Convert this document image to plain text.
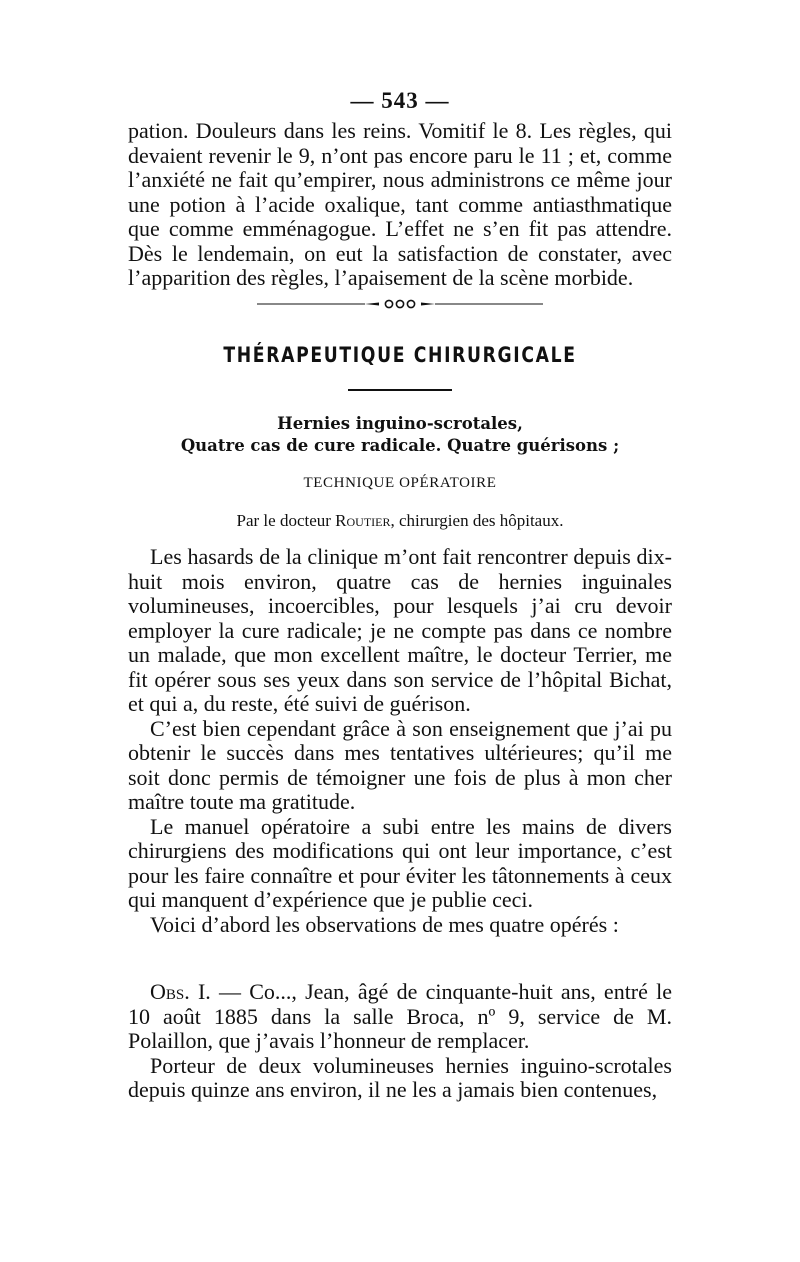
— 543 —

pation. Douleurs dans les reins. Vomitif le 8. Les règles, qui devaient revenir le 9, n’ont pas encore paru le 11 ; et, comme l’anxiété ne fait qu’empirer, nous administrons ce même jour une potion à l’acide oxalique, tant comme antiasthmatique que comme emménagogue. L’effet ne s’en fit pas attendre. Dès le lendemain, on eut la satisfaction de constater, avec l’apparition des règles, l’apaisement de la scène morbide.

THÉRAPEUTIQUE CHIRURGICALE
Hernies inguino-scrotales,
Quatre cas de cure radicale. Quatre guérisons ;
TECHNIQUE OPÉRATOIRE
Par le docteur Routier, chirurgien des hôpitaux.

Les hasards de la clinique m’ont fait rencontrer depuis dix-huit mois environ, quatre cas de hernies inguinales volumineuses, incoercibles, pour lesquels j’ai cru devoir employer la cure radicale; je ne compte pas dans ce nombre un malade, que mon excellent maître, le docteur Terrier, me fit opérer sous ses yeux dans son service de l’hôpital Bichat, et qui a, du reste, été suivi de guérison.

C’est bien cependant grâce à son enseignement que j’ai pu obtenir le succès dans mes tentatives ultérieures; qu’il me soit donc permis de témoigner une fois de plus à mon cher maître toute ma gratitude.

Le manuel opératoire a subi entre les mains de divers chirurgiens des modifications qui ont leur importance, c’est pour les faire connaître et pour éviter les tâtonnements à ceux qui manquent d’expérience que je publie ceci.

Voici d’abord les observations de mes quatre opérés :

Obs. I. — Co..., Jean, âgé de cinquante-huit ans, entré le 10 août 1885 dans la salle Broca, nº 9, service de M. Polaillon, que j’avais l’honneur de remplacer.

Porteur de deux volumineuses hernies inguino-scrotales depuis quinze ans environ, il ne les a jamais bien contenues,
